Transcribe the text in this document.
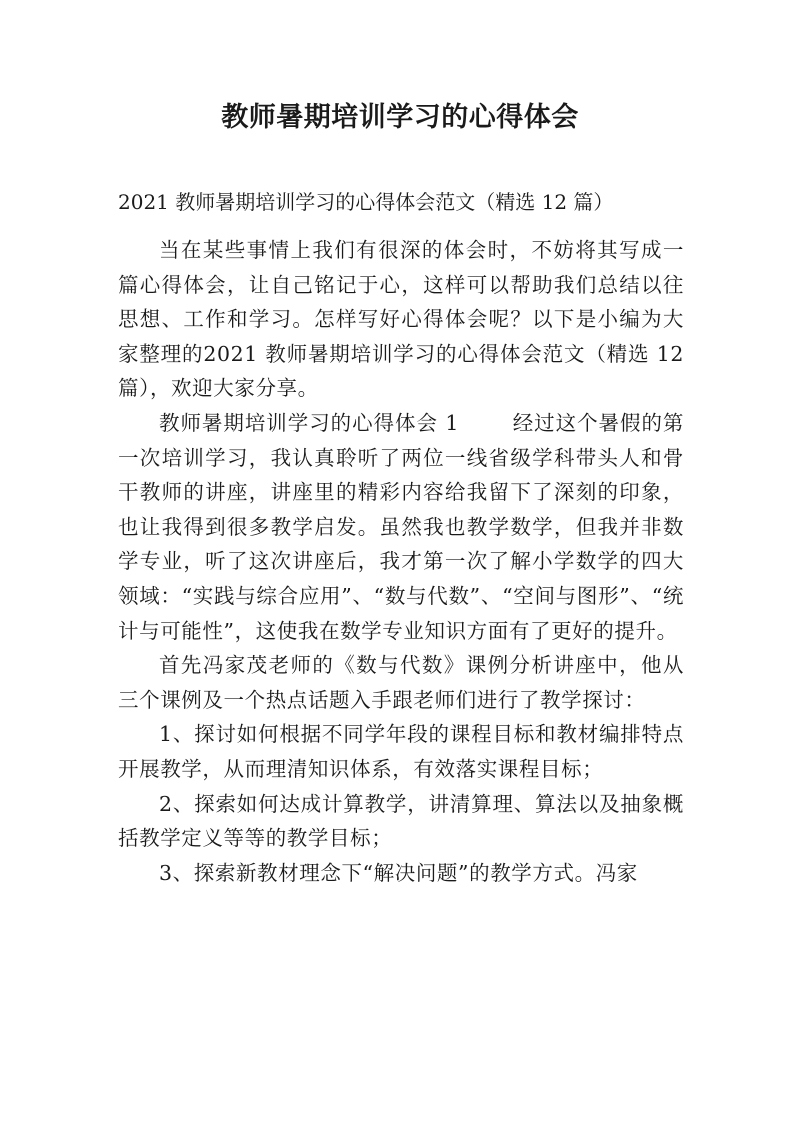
教师暑期培训学习的心得体会

2021 教师暑期培训学习的心得体会范文（精选 12 篇）

当在某些事情上我们有很深的体会时，不妨将其写成一篇心得体会，让自己铭记于心，这样可以帮助我们总结以往思想、工作和学习。怎样写好心得体会呢？以下是小编为大家整理的2021 教师暑期培训学习的心得体会范文（精选 12 篇），欢迎大家分享。

教师暑期培训学习的心得体会 1	经过这个暑假的第一次培训学习，我认真聆听了两位一线省级学科带头人和骨干教师的讲座，讲座里的精彩内容给我留下了深刻的印象，也让我得到很多教学启发。虽然我也教学数学，但我并非数学专业，听了这次讲座后，我才第一次了解小学数学的四大领域：“实践与综合应用”、“数与代数”、“空间与图形”、“统计与可能性”，这使我在数学专业知识方面有了更好的提升。

首先冯家茂老师的《数与代数》课例分析讲座中，他从三个课例及一个热点话题入手跟老师们进行了教学探讨：

1、探讨如何根据不同学年段的课程目标和教材编排特点开展教学，从而理清知识体系，有效落实课程目标；

2、探索如何达成计算教学，讲清算理、算法以及抽象概括教学定义等等的教学目标；

3、探索新教材理念下“解决问题”的教学方式。冯家
